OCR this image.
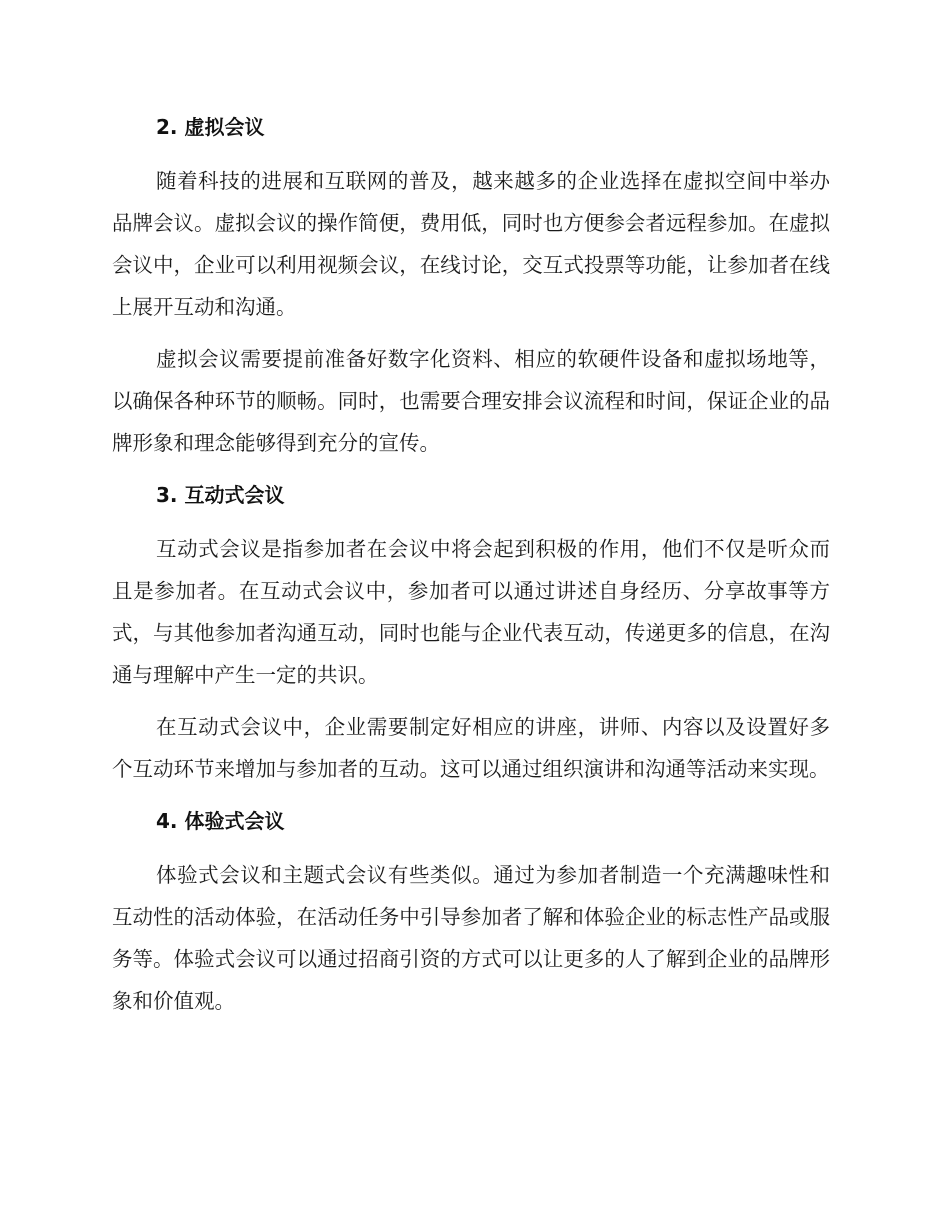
2. 虚拟会议

随着科技的进展和互联网的普及，越来越多的企业选择在虚拟空间中举办品牌会议。虚拟会议的操作简便，费用低，同时也方便参会者远程参加。在虚拟会议中，企业可以利用视频会议，在线讨论，交互式投票等功能，让参加者在线上展开互动和沟通。

虚拟会议需要提前准备好数字化资料、相应的软硬件设备和虚拟场地等，以确保各种环节的顺畅。同时，也需要合理安排会议流程和时间，保证企业的品牌形象和理念能够得到充分的宣传。

3. 互动式会议

互动式会议是指参加者在会议中将会起到积极的作用，他们不仅是听众而且是参加者。在互动式会议中，参加者可以通过讲述自身经历、分享故事等方式，与其他参加者沟通互动，同时也能与企业代表互动，传递更多的信息，在沟通与理解中产生一定的共识。

在互动式会议中，企业需要制定好相应的讲座，讲师、内容以及设置好多个互动环节来增加与参加者的互动。这可以通过组织演讲和沟通等活动来实现。

4. 体验式会议

体验式会议和主题式会议有些类似。通过为参加者制造一个充满趣味性和互动性的活动体验，在活动任务中引导参加者了解和体验企业的标志性产品或服务等。体验式会议可以通过招商引资的方式可以让更多的人了解到企业的品牌形象和价值观。
